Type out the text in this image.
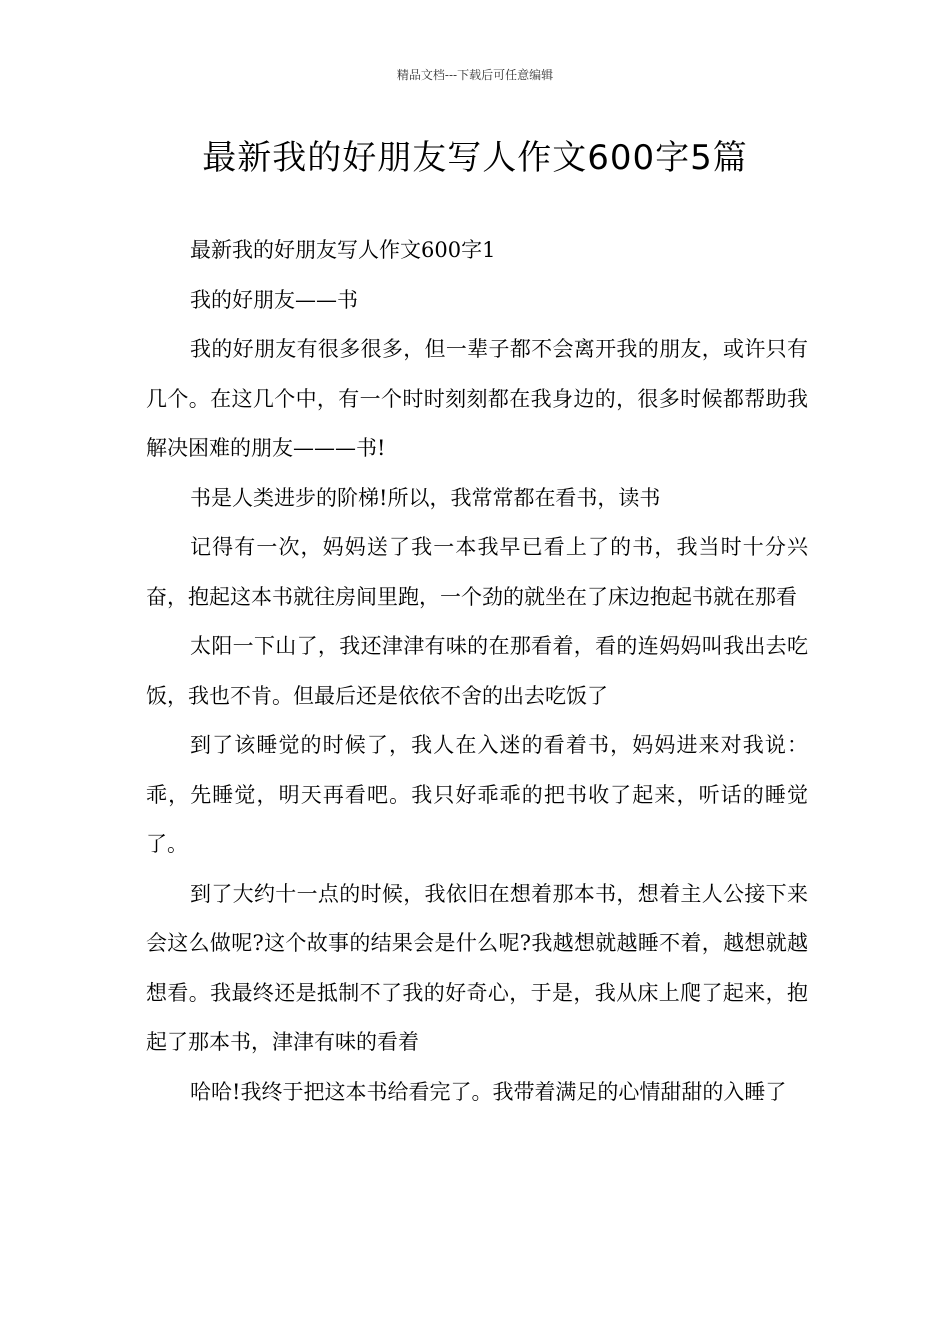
精品文档---下载后可任意编辑
最新我的好朋友写人作文600字5篇

最新我的好朋友写人作文600字1

我的好朋友——书

我的好朋友有很多很多，但一辈子都不会离开我的朋友，或许只有几个。在这几个中，有一个时时刻刻都在我身边的，很多时候都帮助我解决困难的朋友———书!

书是人类进步的阶梯!所以，我常常都在看书，读书

记得有一次，妈妈送了我一本我早已看上了的书，我当时十分兴奋，抱起这本书就往房间里跑，一个劲的就坐在了床边抱起书就在那看

太阳一下山了，我还津津有味的在那看着，看的连妈妈叫我出去吃饭，我也不肯。但最后还是依依不舍的出去吃饭了

到了该睡觉的时候了，我人在入迷的看着书，妈妈进来对我说：乖，先睡觉，明天再看吧。我只好乖乖的把书收了起来，听话的睡觉了。

到了大约十一点的时候，我依旧在想着那本书，想着主人公接下来会这么做呢?这个故事的结果会是什么呢?我越想就越睡不着，越想就越想看。我最终还是抵制不了我的好奇心，于是，我从床上爬了起来，抱起了那本书，津津有味的看着

哈哈!我终于把这本书给看完了。我带着满足的心情甜甜的入睡了
